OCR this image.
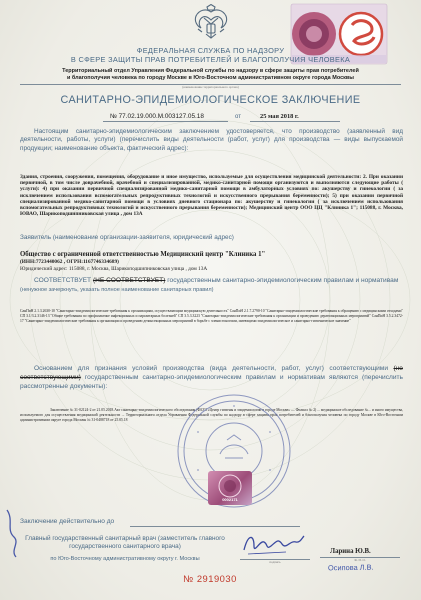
ФЕДЕРАЛЬНАЯ СЛУЖБА ПО НАДЗОРУ
В СФЕРЕ ЗАЩИТЫ ПРАВ ПОТРЕБИТЕЛЕЙ И БЛАГОПОЛУЧИЯ ЧЕЛОВЕКА
Территориальный отдел Управления Федеральной службы по надзору в сфере защиты прав потребителей
и благополучия человека по городу Москве в Юго-Восточном административном округе города Москвы
(наименование территориального органа)
САНИТАРНО-ЭПИДЕМИОЛОГИЧЕСКОЕ ЗАКЛЮЧЕНИЕ
№ 77.02.19.000.М.003127.05.18	от	25 мая 2018 г.
Настоящим санитарно-эпидемиологическим заключением удостоверяется, что производство (заявленный вид деятельности, работы, услуги) (перечислить виды деятельности (работ, услуг) для производства — виды выпускаемой продукции; наименование объекта, фактический адрес):
Здания, строения, сооружения, помещения, оборудование и иное имущество, используемые для осуществления медицинской деятельности: 2. При оказании первичной, в том числе доврачебной, врачебной и специализированной, медико-санитарной помощи организуются и выполняются следующие работы ( услуги): 4) при оказании первичной специализированной медико-санитарной помощи в амбулаторных условиях по: акушерству и гинекологии ( за исключением использования вспомогательных репродуктивных технологий и искусственного прерывания беременности); 5) при оказании первичной специализированной медико-санитарной помощи в условиях дневного стационара по: акушерству и гинекологии ( за исключением использования вспомогательных репродуктивных технологий и искусственного прерывания беременности); Медицинский центр ООО ЦЦ "Клиника 1"; 115088, г. Москва, ЮВАО, Шарикоподшипниковская улица , дом 13А
Заявитель (наименование организации-заявителя, юридический адрес)
Общество с ограниченной ответственностью Медицинский центр "Клиника 1"
(ИНН:7723440062 , ОГРН:1167746334689)
Юридический адрес: 115088, г. Москва, Шарикоподшипниковская улица , дом 13А
СООТВЕТСТВУЕТ (НЕ СООТВЕТСТВУЕТ) государственным санитарно-эпидемиологическим правилам и нормативам (ненужное зачеркнуть, указать полное наименование санитарных правил)
СанПиН 2.1.3.2630-10 "Санитарно-эпидемиологические требования к организациям, осуществляющим медицинскую деятельность" СанПиН 2.1.7.2790-10 "Санитарно-эпидемиологические требования к обращению с медицинскими отходами" СП 3.1/3.2.3146-13 "Общие требования по профилактике инфекционных и паразитарных болезней" СП 3.5.3.3223 "Санитарно-эпидемиологические требования к организации и проведению дератизационных мероприятий" СанПиН 3.5.2.3472-17 "Санитарно-эпидемиологические требования к организации и проведению дезинсекционных мероприятий в борьбе с членистоногими, имеющими эпидемиологическое и санитарно-гигиеническое значение"
Основанием для признания условий производства (вида деятельности, работ, услуг) соответствующими (не соответствующими) государственным санитарно-эпидемиологическим правилам и нормативам являются (перечислить рассмотренные документы):
Заключение № 31-02124-2 от 21.05.2018.Акт санитарно-эпидемиологического обследования (ФБУЗ «Центр гигиены и эпидемиологии в городе Москве» — Филиал № 2) ... медицинское обследование №... и иного имущества, используемого для осуществления медицинской деятельности ... Территориального отдела Управления Федеральной службы по надзору в сфере защиты прав потребителей и благополучия человека по городу Москве в Юго-Восточном административном округе города Москвы № 31-0488718 от 25.05.18
0002171
Заключение действительно до
Главный государственный санитарный врач (заместитель главного государственного санитарного врача)
по Юго-Восточному административному округу г. Москвы	подпись
Ларина Ю.В.
Ф. И. О.
Осипова Л.В.
№ 2919030
